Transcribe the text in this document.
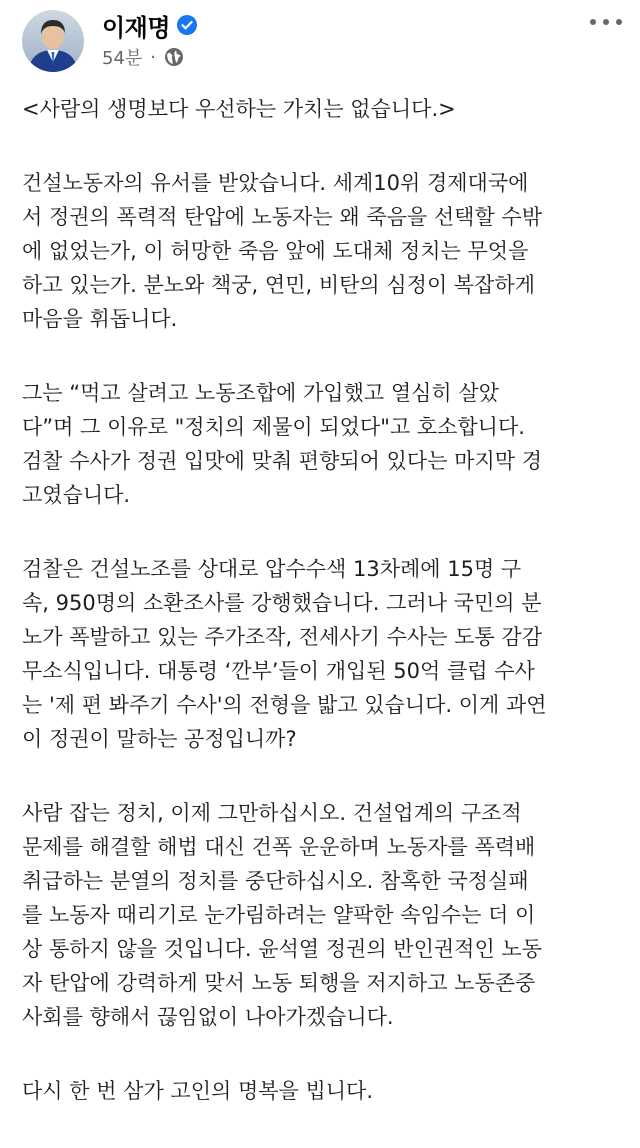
이재명
54분 ·

<사람의 생명보다 우선하는 가치는 없습니다.>

건설노동자의 유서를 받았습니다. 세계10위 경제대국에
서 정권의 폭력적 탄압에 노동자는 왜 죽음을 선택할 수밖
에 없었는가, 이 허망한 죽음 앞에 도대체 정치는 무엇을
하고 있는가. 분노와 책궁, 연민, 비탄의 심정이 복잡하게
마음을 휘돕니다.

그는 “먹고 살려고 노동조합에 가입했고 열심히 살았
다”며 그 이유로 "정치의 제물이 되었다"고 호소합니다.
검찰 수사가 정권 입맛에 맞춰 편향되어 있다는 마지막 경
고였습니다.

검찰은 건설노조를 상대로 압수수색 13차례에 15명 구
속, 950명의 소환조사를 강행했습니다. 그러나 국민의 분
노가 폭발하고 있는 주가조작, 전세사기 수사는 도통 감감
무소식입니다. 대통령 ‘깐부’들이 개입된 50억 클럽 수사
는 '제 편 봐주기 수사'의 전형을 밟고 있습니다. 이게 과연
이 정권이 말하는 공정입니까?

사람 잡는 정치, 이제 그만하십시오. 건설업계의 구조적
문제를 해결할 해법 대신 건폭 운운하며 노동자를 폭력배
취급하는 분열의 정치를 중단하십시오. 참혹한 국정실패
를 노동자 때리기로 눈가림하려는 얄팍한 속임수는 더 이
상 통하지 않을 것입니다. 윤석열 정권의 반인권적인 노동
자 탄압에 강력하게 맞서 노동 퇴행을 저지하고 노동존중
사회를 향해서 끊임없이 나아가겠습니다.

다시 한 번 삼가 고인의 명복을 빕니다.
